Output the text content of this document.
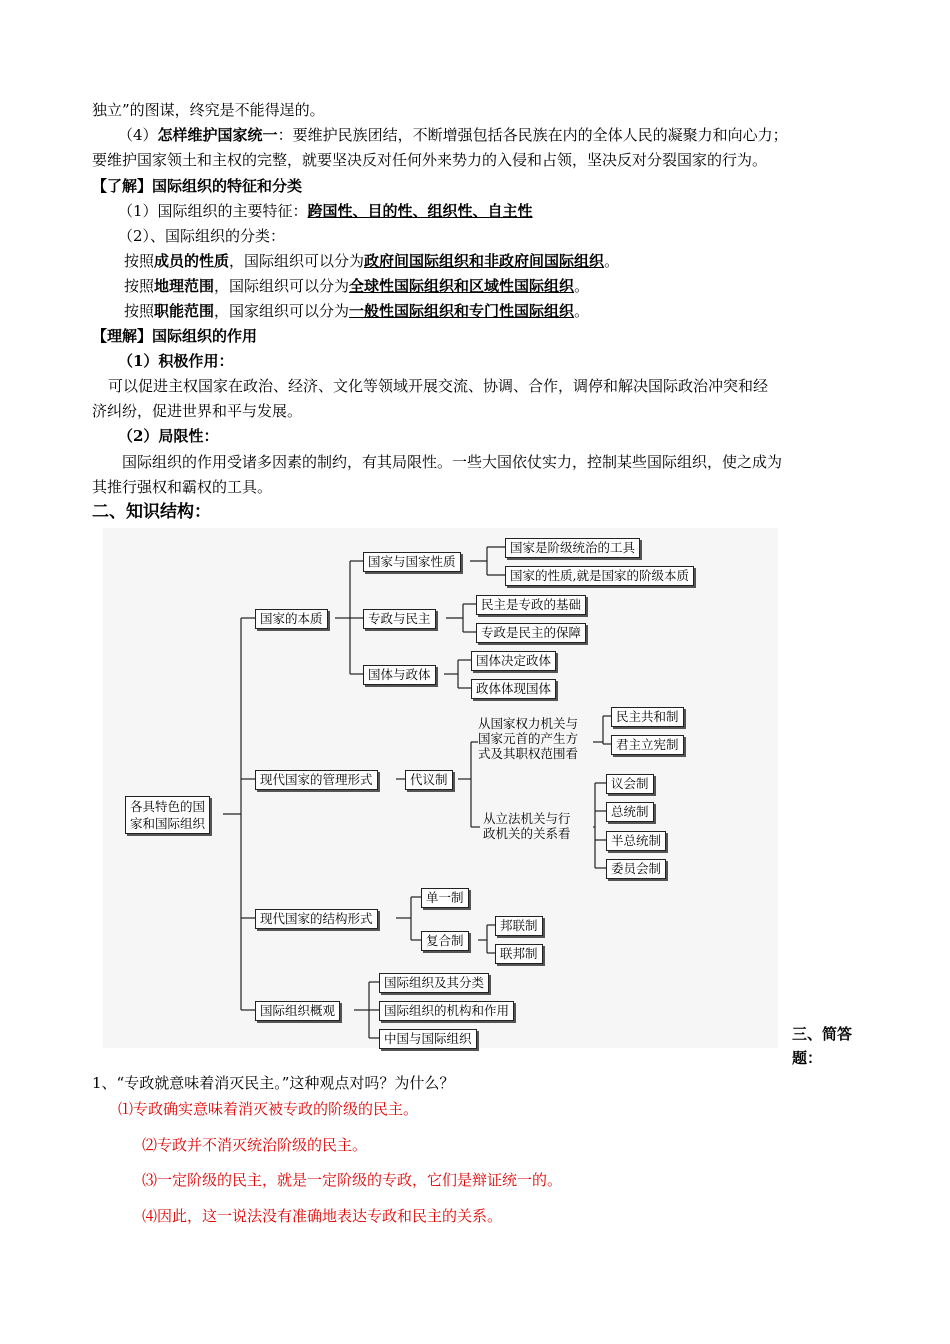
独立”的图谋，终究是不能得逞的。
（4）怎样维护国家统一：要维护民族团结，不断增强包括各民族在内的全体人民的凝聚力和向心力；
要维护国家领土和主权的完整，就要坚决反对任何外来势力的入侵和占领，坚决反对分裂国家的行为。
【了解】国际组织的特征和分类
（1）国际组织的主要特征：跨国性、目的性、组织性、自主性
（2）、国际组织的分类：
按照成员的性质，国际组织可以分为政府间国际组织和非政府间国际组织。
按照地理范围，国际组织可以分为全球性国际组织和区域性国际组织。
按照职能范围，国家组织可以分为一般性国际组织和专门性国际组织。
【理解】国际组织的作用
（1）积极作用：
可以促进主权国家在政治、经济、文化等领域开展交流、协调、合作，调停和解决国际政治冲突和经
济纠纷，促进世界和平与发展。
（2）局限性：
国际组织的作用受诸多因素的制约，有其局限性。一些大国依仗实力，控制某些国际组织，使之成为
其推行强权和霸权的工具。
二、知识结构：
各具特色的国
家和国际组织
国家的本质
国家与国家性质
国家是阶级统治的工具
国家的性质,就是国家的阶级本质
专政与民主
民主是专政的基础
专政是民主的保障
国体与政体
国体决定政体
政体体现国体
现代国家的管理形式	代议制
从国家权力机关与
国家元首的产生方
式及其职权范围看
民主共和制
君主立宪制
从立法机关与行
政机关的关系看
议会制
总统制
半总统制
委员会制
现代国家的结构形式
单一制
复合制
邦联制
联邦制
国际组织概观
国际组织及其分类
国际组织的机构和作用
中国与国际组织	三、简答
题：
1、“专政就意味着消灭民主。”这种观点对吗？为什么？
⑴专政确实意味着消灭被专政的阶级的民主。
⑵专政并不消灭统治阶级的民主。
⑶一定阶级的民主，就是一定阶级的专政，它们是辩证统一的。
⑷因此，这一说法没有准确地表达专政和民主的关系。
